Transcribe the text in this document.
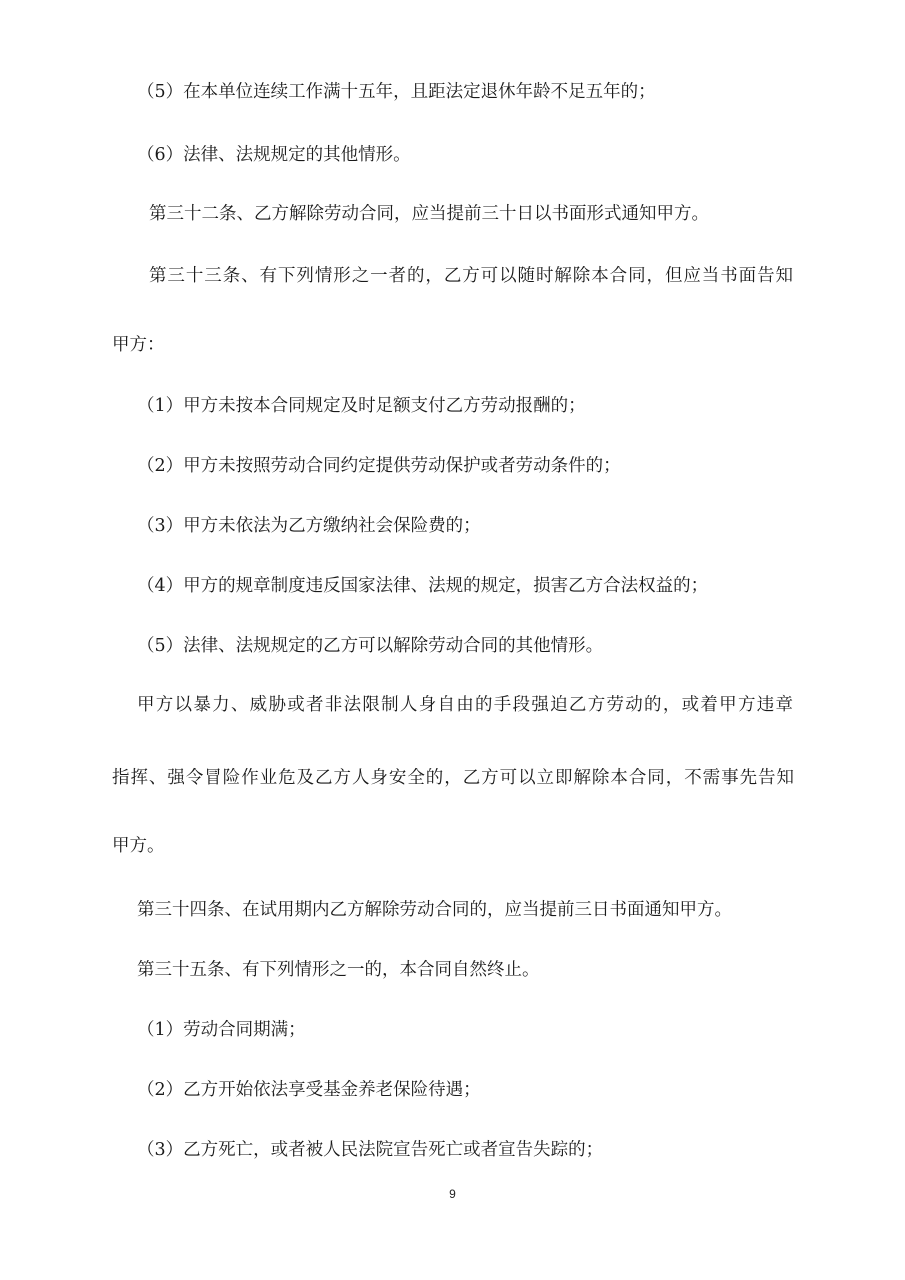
（5）在本单位连续工作满十五年，且距法定退休年龄不足五年的；

（6）法律、法规规定的其他情形。

第三十二条、乙方解除劳动合同，应当提前三十日以书面形式通知甲方。

第三十三条、有下列情形之一者的，乙方可以随时解除本合同，但应当书面告知

甲方：

（1）甲方未按本合同规定及时足额支付乙方劳动报酬的；

（2）甲方未按照劳动合同约定提供劳动保护或者劳动条件的；

（3）甲方未依法为乙方缴纳社会保险费的；

（4）甲方的规章制度违反国家法律、法规的规定，损害乙方合法权益的；

（5）法律、法规规定的乙方可以解除劳动合同的其他情形。

甲方以暴力、威胁或者非法限制人身自由的手段强迫乙方劳动的，或着甲方违章

指挥、强令冒险作业危及乙方人身安全的，乙方可以立即解除本合同，不需事先告知

甲方。

第三十四条、在试用期内乙方解除劳动合同的，应当提前三日书面通知甲方。

第三十五条、有下列情形之一的，本合同自然终止。

（1）劳动合同期满；

（2）乙方开始依法享受基金养老保险待遇；

（3）乙方死亡，或者被人民法院宣告死亡或者宣告失踪的；

9
